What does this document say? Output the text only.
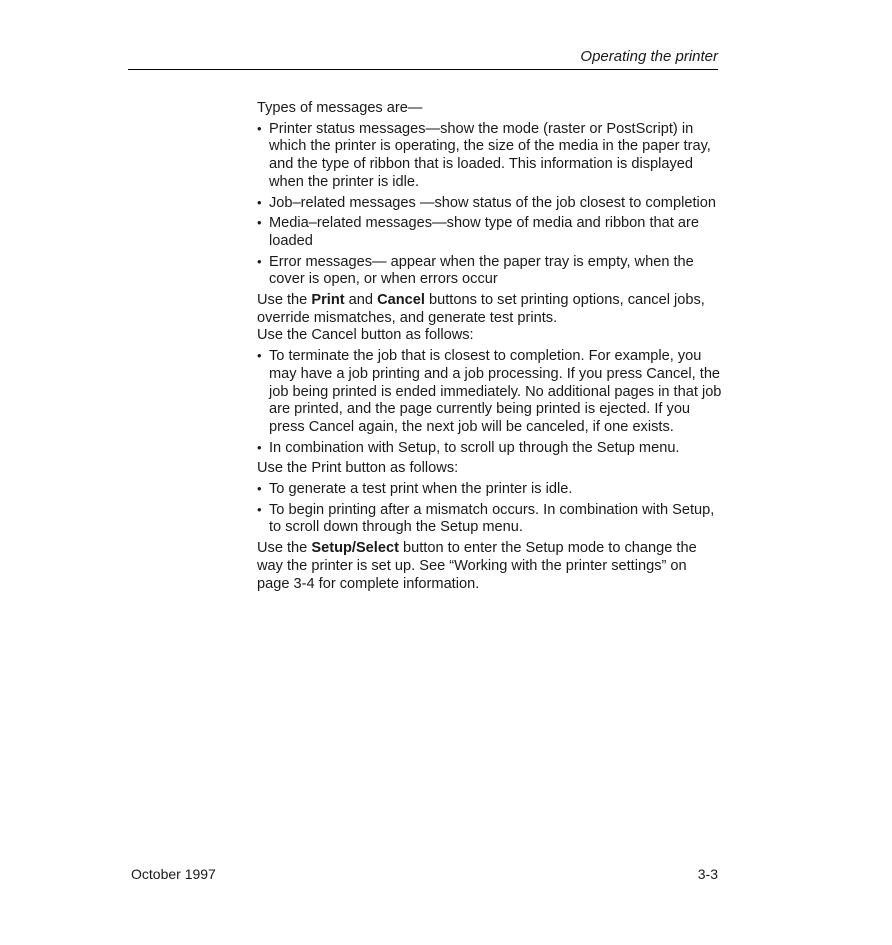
Operating the printer

Types of messages are—

• Printer status messages—show the mode (raster or PostScript) in which the printer is operating, the size of the media in the paper tray, and the type of ribbon that is loaded. This information is displayed when the printer is idle.
• Job–related messages —show status of the job closest to completion
• Media–related messages—show type of media and ribbon that are loaded
• Error messages— appear when the paper tray is empty, when the cover is open, or when errors occur

Use the Print and Cancel buttons to set printing options, cancel jobs, override mismatches, and generate test prints.

Use the Cancel button as follows:

• To terminate the job that is closest to completion. For example, you may have a job printing and a job processing. If you press Cancel, the job being printed is ended immediately. No additional pages in that job are printed, and the page currently being printed is ejected. If you press Cancel again, the next job will be canceled, if one exists.
• In combination with Setup, to scroll up through the Setup menu.

Use the Print button as follows:

• To generate a test print when the printer is idle.
• To begin printing after a mismatch occurs. In combination with Setup, to scroll down through the Setup menu.

Use the Setup/Select button to enter the Setup mode to change the way the printer is set up. See “Working with the printer settings” on page 3-4 for complete information.

October 1997	3-3
